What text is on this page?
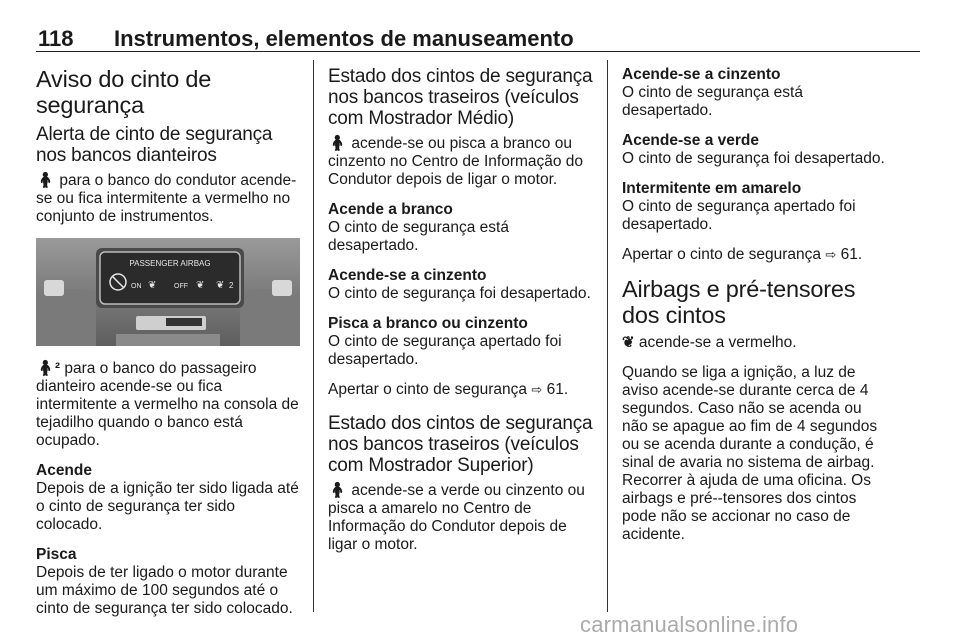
118 Instrumentos, elementos de manuseamento
Aviso do cinto de segurança
Alerta de cinto de segurança nos bancos dianteiros

🧍︎ para o banco do condutor acende-se ou fica intermitente a vermelho no conjunto de instrumentos.

PASSENGER AIRBAG
ON ❦	OFF ❦ ❦ 2

🧍︎² para o banco do passageiro dianteiro acende-se ou fica intermitente a vermelho na consola de tejadilho quando o banco está ocupado.

Acende
Depois de a ignição ter sido ligada até o cinto de segurança ter sido colocado.
Pisca
Depois de ter ligado o motor durante um máximo de 100 segundos até o cinto de segurança ter sido colocado.
Estado dos cintos de segurança nos bancos traseiros (veículos com Mostrador Médio)

🧍︎ acende-se ou pisca a branco ou cinzento no Centro de Informação do Condutor depois de ligar o motor.

Acende a branco
O cinto de segurança está desapertado.
Acende-se a cinzento
O cinto de segurança foi desapertado.
Pisca a branco ou cinzento
O cinto de segurança apertado foi desapertado.

Apertar o cinto de segurança ⇨ 61.

Estado dos cintos de segurança nos bancos traseiros (veículos com Mostrador Superior)

🧍︎ acende-se a verde ou cinzento ou pisca a amarelo no Centro de Informação do Condutor depois de ligar o motor.

Acende-se a cinzento
O cinto de segurança está desapertado.
Acende-se a verde
O cinto de segurança foi desapertado.
Intermitente em amarelo
O cinto de segurança apertado foi desapertado.

Apertar o cinto de segurança ⇨ 61.

Airbags e pré-tensores dos cintos

❦ acende-se a vermelho.

Quando se liga a ignição, a luz de aviso acende-se durante cerca de 4 segundos. Caso não se acenda ou não se apague ao fim de 4 segundos ou se acenda durante a condução, é sinal de avaria no sistema de airbag. Recorrer à ajuda de uma oficina. Os airbags e pré--tensores dos cintos pode não se accionar no caso de acidente.

carmanualsonline.info
